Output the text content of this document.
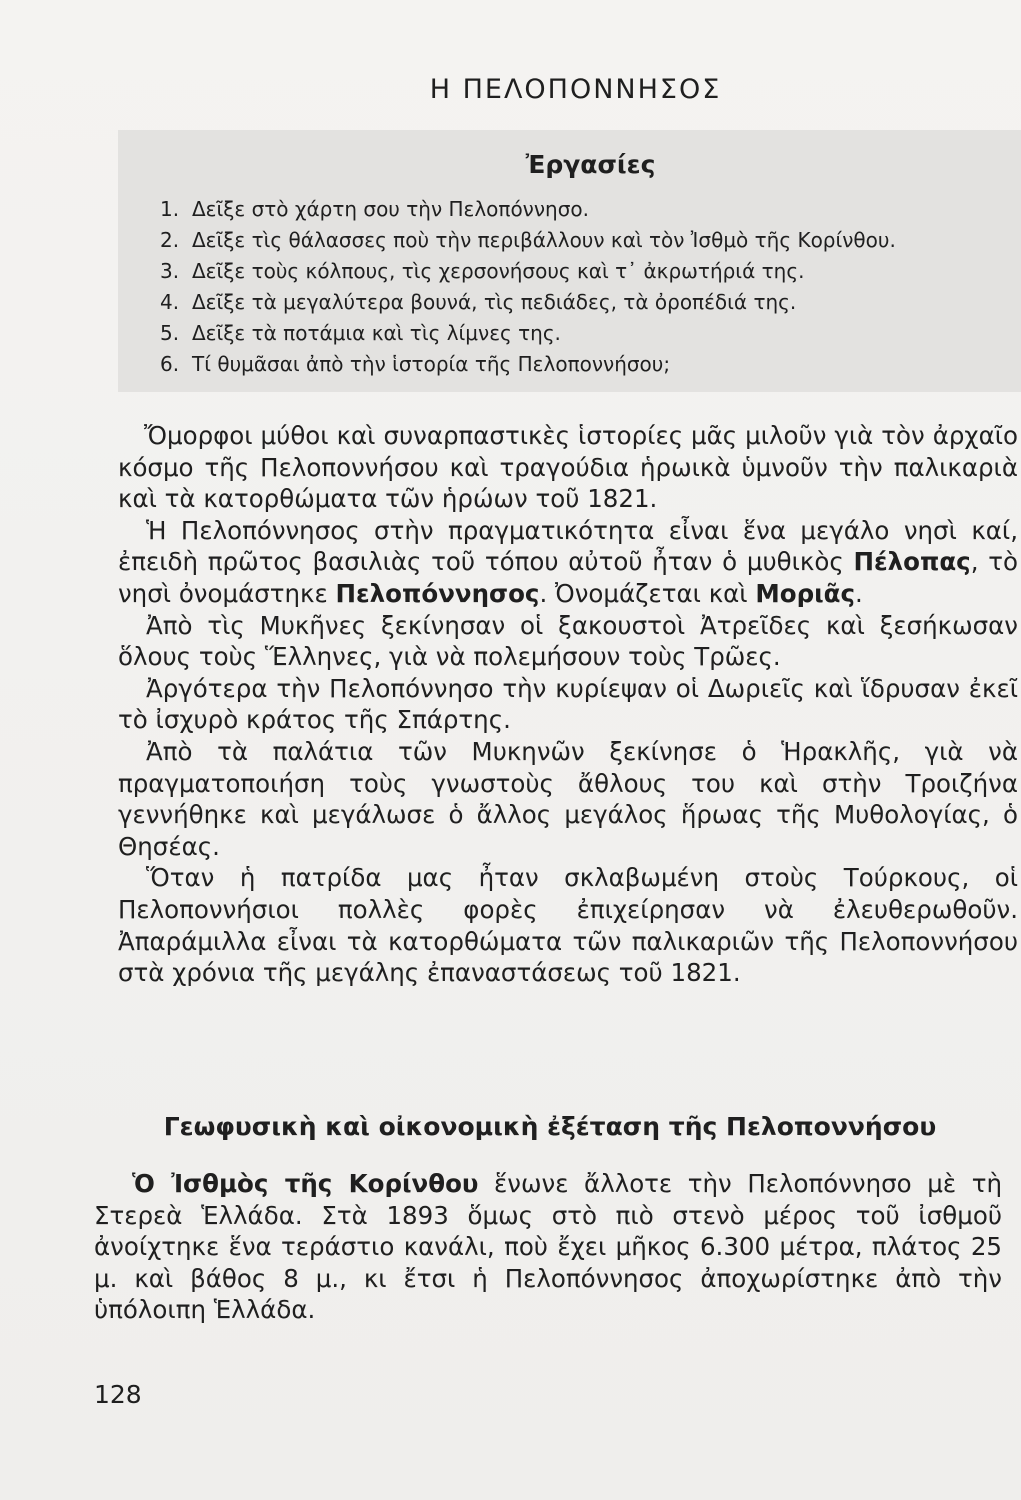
Η ΠΕΛΟΠΟΝΝΗΣΟΣ
Ἐργασίες
1. Δεῖξε στὸ χάρτη σου τὴν Πελοπόννησο.
2. Δεῖξε τὶς θάλασσες ποὺ τὴν περιβάλλουν καὶ τὸν Ἰσθμὸ τῆς Κορίνθου.
3. Δεῖξε τοὺς κόλπους, τὶς χερσονήσους καὶ τ᾽ ἀκρωτήριά της.
4. Δεῖξε τὰ μεγαλύτερα βουνά, τὶς πεδιάδες, τὰ ὀροπέδιά της.
5. Δεῖξε τὰ ποτάμια καὶ τὶς λίμνες της.
6. Τί θυμᾶσαι ἀπὸ τὴν ἱστορία τῆς Πελοποννήσου;

Ὄμορφοι μύθοι καὶ συναρπαστικὲς ἱστορίες μᾶς μιλοῦν γιὰ τὸν ἀρχαῖο κόσμο τῆς Πελοποννήσου καὶ τραγούδια ἡρωικὰ ὑμνοῦν τὴν παλικαριὰ καὶ τὰ κατορθώματα τῶν ἡρώων τοῦ 1821.

Ἡ Πελοπόννησος στὴν πραγματικότητα εἶναι ἕνα μεγάλο νησὶ καί, ἐπειδὴ πρῶτος βασιλιὰς τοῦ τόπου αὐτοῦ ἦταν ὁ μυθικὸς Πέλοπας, τὸ νησὶ ὀνομάστηκε Πελοπόννησος. Ὀνομάζεται καὶ Μοριᾶς.

Ἀπὸ τὶς Μυκῆνες ξεκίνησαν οἱ ξακουστοὶ Ἀτρεῖδες καὶ ξεσήκωσαν ὅλους τοὺς Ἕλληνες, γιὰ νὰ πολεμήσουν τοὺς Τρῶες.

Ἀργότερα τὴν Πελοπόννησο τὴν κυρίεψαν οἱ Δωριεῖς καὶ ἵδρυσαν ἐκεῖ τὸ ἰσχυρὸ κράτος τῆς Σπάρτης.

Ἀπὸ τὰ παλάτια τῶν Μυκηνῶν ξεκίνησε ὁ Ἡρακλῆς, γιὰ νὰ πραγματοποιήση τοὺς γνωστοὺς ἄθλους του καὶ στὴν Τροιζήνα γεννήθηκε καὶ μεγάλωσε ὁ ἄλλος μεγάλος ἥρωας τῆς Μυθολογίας, ὁ Θησέας.

Ὅταν ἡ πατρίδα μας ἦταν σκλαβωμένη στοὺς Τούρκους, οἱ Πελοποννήσιοι πολλὲς φορὲς ἐπιχείρησαν νὰ ἐλευθερωθοῦν. Ἀπαράμιλλα εἶναι τὰ κατορθώματα τῶν παλικαριῶν τῆς Πελοποννήσου στὰ χρόνια τῆς μεγάλης ἐπαναστάσεως τοῦ 1821.

Γεωφυσικὴ καὶ οἰκονομικὴ ἐξέταση τῆς Πελοποννήσου

Ὁ Ἰσθμὸς τῆς Κορίνθου ἕνωνε ἄλλοτε τὴν Πελοπόννησο μὲ τὴ Στερεὰ Ἑλλάδα. Στὰ 1893 ὅμως στὸ πιὸ στενὸ μέρος τοῦ ἰσθμοῦ ἀνοίχτηκε ἕνα τεράστιο κανάλι, ποὺ ἔχει μῆκος 6.300 μέτρα, πλάτος 25 μ. καὶ βάθος 8 μ., κι ἔτσι ἡ Πελοπόννησος ἀποχωρίστηκε ἀπὸ τὴν ὑπόλοιπη Ἑλλάδα.

128
